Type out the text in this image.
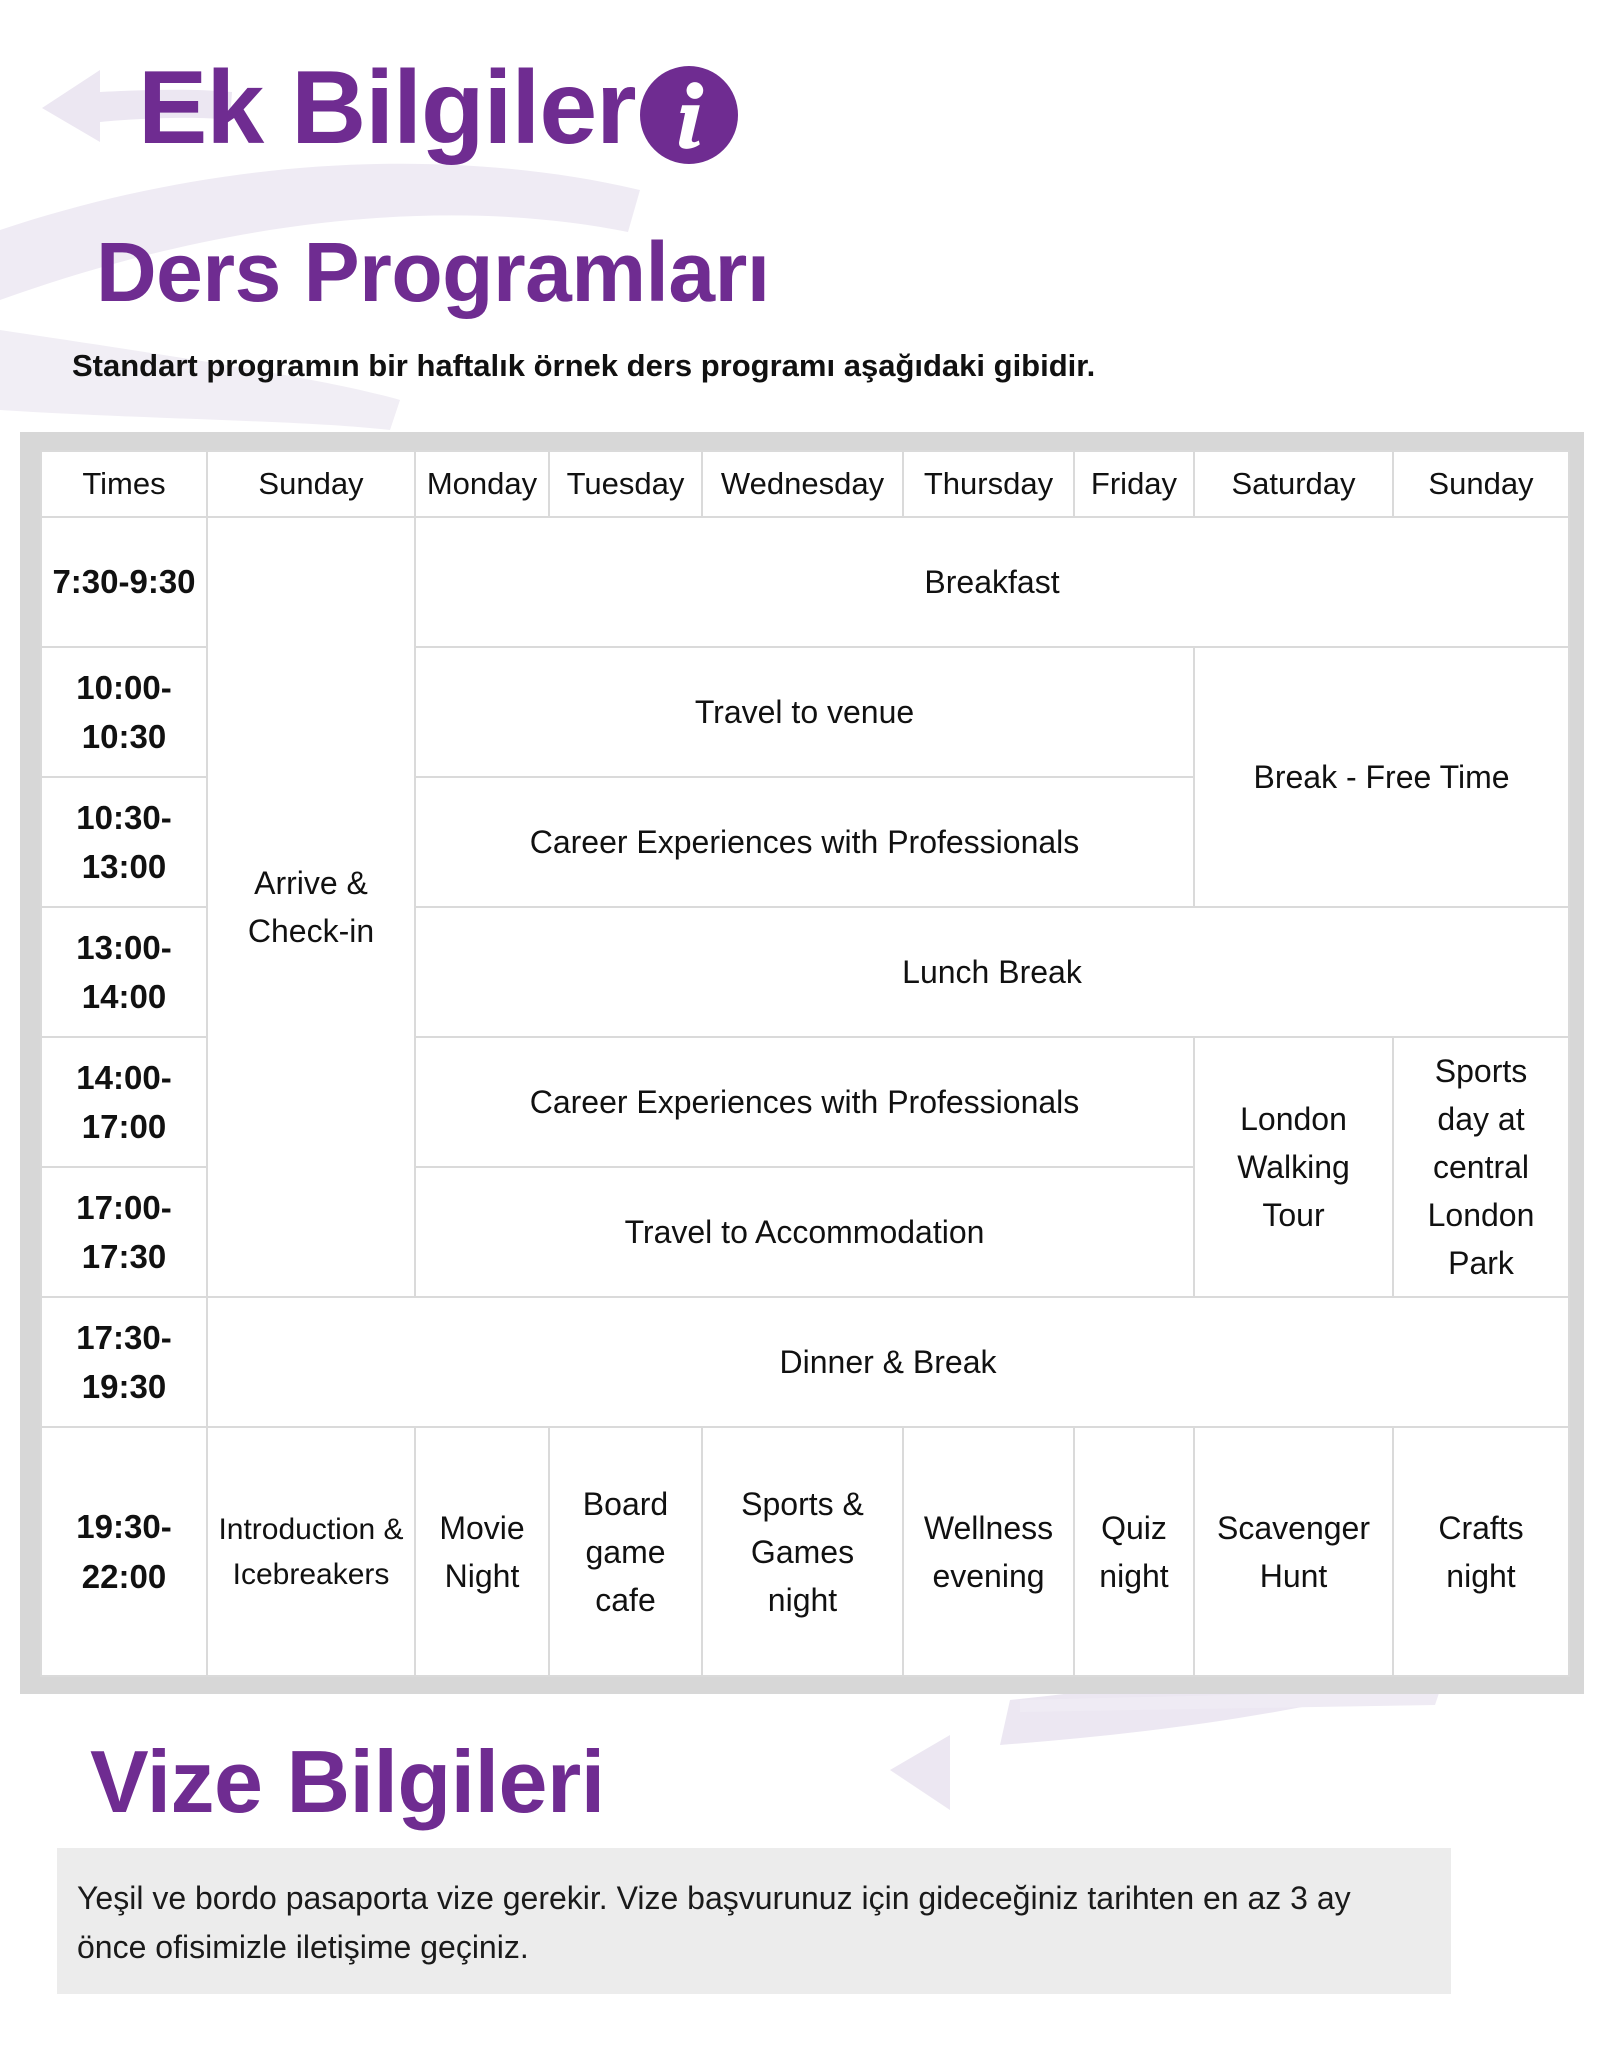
Ek Bilgiler
Ders Programları

Standart programın bir haftalık örnek ders programı aşağıdaki gibidir.

Times	Sunday	Monday	Tuesday	Wednesday	Thursday	Friday	Saturday	Sunday
7:30-9:30	Arrive & Check-in	Breakfast						
10:00-10:30		Travel to venue					Break - Free Time	
10:30-13:00		Career Experiences with Professionals						
13:00-14:00		Lunch Break						
14:00-17:00		Career Experiences with Professionals					London Walking Tour	Sports day at central London Park

17:00-17:30		Travel to Accommodation						
17:30-19:30	Dinner & Break							
19:30-22:00	Introduction & Icebreakers	Movie Night	Board game cafe	Sports & Games night	Wellness evening	Quiz night	Scavenger Hunt	Crafts night
Vize Bilgileri

Yeşil ve bordo pasaporta vize gerekir. Vize başvurunuz için gideceğiniz tarihten en az 3 ay önce ofisimizle iletişime geçiniz.
